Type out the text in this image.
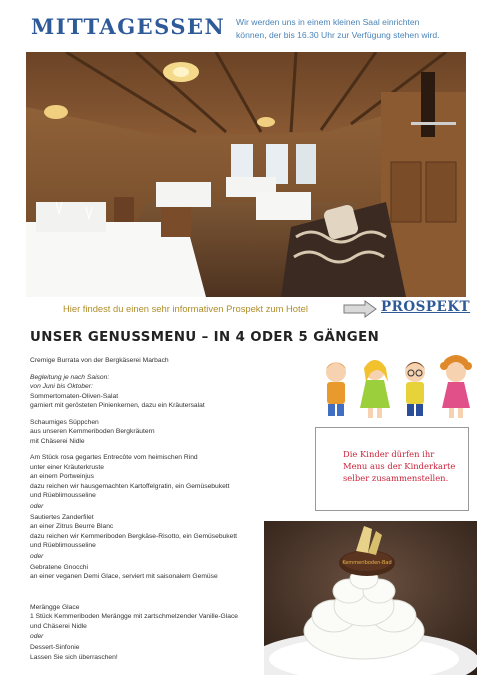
MITTAGESSEN Wir werden uns in einem kleinen Saal einrichten
können, der bis 16.30 Uhr zur Verfügung stehen wird.
Hier findest du einen sehr informativen Prospekt zum Hotel	PROSPEKT
UNSER GENUSSMENU – IN 4 ODER 5 GÄNGEN
Cremige Burrata von der Bergkäserei Marbach
Begleitung je nach Saison:
von Juni bis Oktober:
Sommertomaten-Oliven-Salat
garniert mit gerösteten Pinienkernen, dazu ein Kräutersalat
Schaumiges Süppchen
aus unseren Kemmeriboden Bergkräutern
mit Chäserei Nidle
Am Stück rosa gegartes Entrecôte vom heimischen Rind
unter einer Kräuterkruste
an einem Portweinjus
dazu reichen wir hausgemachten Kartoffelgratin, ein Gemüsebukett
und Rüeblimousseline
oder
Sautiertes Zanderfilet
an einer Zitrus Beurre Blanc
dazu reichen wir Kemmeriboden Bergkäse-Risotto, ein Gemüsebukett
und Rüeblimousseline
oder
Gebratene Gnocchi
an einer veganen Demi Glace, serviert mit saisonalem Gemüse
Meränggе Glace
1 Stück Kemmeriboden Merängge mit zartschmelzender Vanille-Glace
und Chäserei Nidle
oder
Dessert-Sinfonie
Lassen Sie sich überraschen!
Die Kinder dürfen ihr
Menu aus der Kinderkarte
selber zusammenstellen.
Kemmeriboden-Bad
